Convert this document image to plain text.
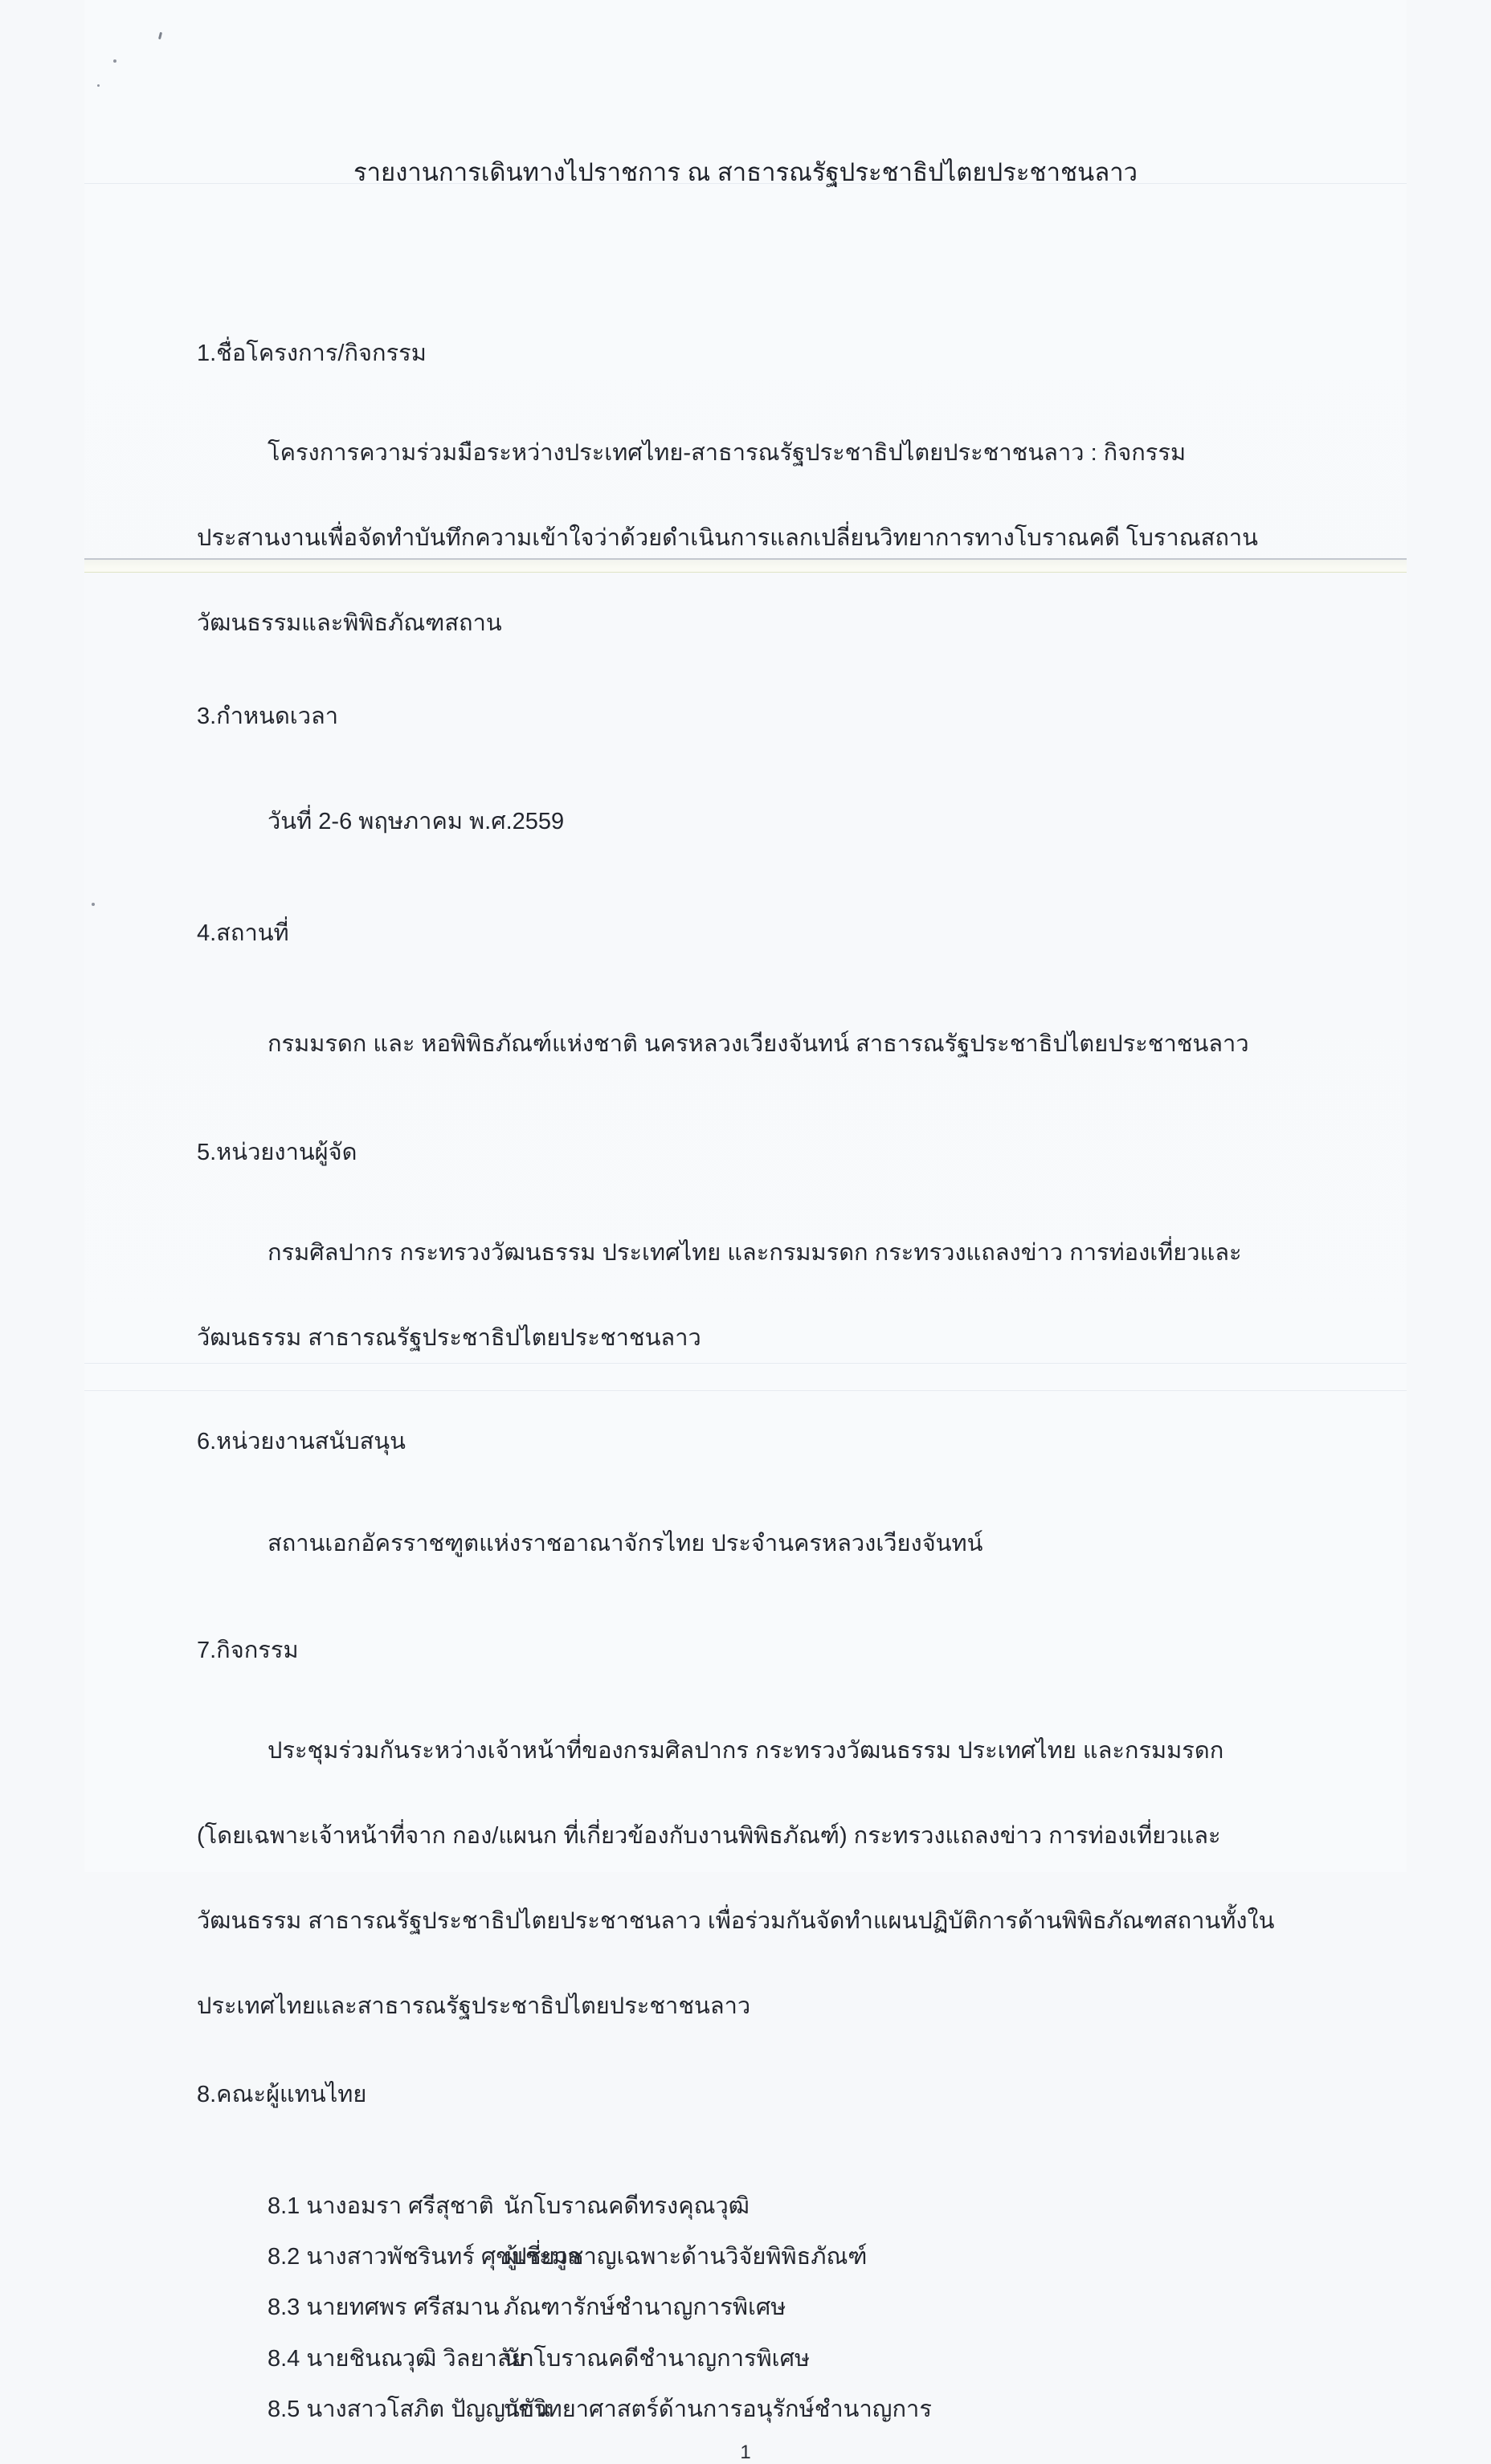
รายงานการเดินทางไปราชการ ณ สาธารณรัฐประชาธิปไตยประชาชนลาว
1.ชื่อโครงการ/กิจกรรม
โครงการความร่วมมือระหว่างประเทศไทย-สาธารณรัฐประชาธิปไตยประชาชนลาว : กิจกรรม
ประสานงานเพื่อจัดทำบันทึกความเข้าใจว่าด้วยดำเนินการแลกเปลี่ยนวิทยาการทางโบราณคดี โบราณสถาน
วัฒนธรรมและพิพิธภัณฑสถาน
3.กำหนดเวลา
วันที่ 2-6 พฤษภาคม พ.ศ.2559
4.สถานที่
กรมมรดก และ หอพิพิธภัณฑ์แห่งชาติ นครหลวงเวียงจันทน์ สาธารณรัฐประชาธิปไตยประชาชนลาว
5.หน่วยงานผู้จัด
กรมศิลปากร กระทรวงวัฒนธรรม ประเทศไทย และกรมมรดก กระทรวงแถลงข่าว การท่องเที่ยวและ
วัฒนธรรม สาธารณรัฐประชาธิปไตยประชาชนลาว
6.หน่วยงานสนับสนุน
สถานเอกอัครราชฑูตแห่งราชอาณาจักรไทย ประจำนครหลวงเวียงจันทน์
7.กิจกรรม
ประชุมร่วมกันระหว่างเจ้าหน้าที่ของกรมศิลปากร กระทรวงวัฒนธรรม ประเทศไทย และกรมมรดก
(โดยเฉพาะเจ้าหน้าที่จาก กอง/แผนก ที่เกี่ยวข้องกับงานพิพิธภัณฑ์) กระทรวงแถลงข่าว การท่องเที่ยวและ
วัฒนธรรม สาธารณรัฐประชาธิปไตยประชาชนลาว เพื่อร่วมกันจัดทำแผนปฏิบัติการด้านพิพิธภัณฑสถานทั้งใน
ประเทศไทยและสาธารณรัฐประชาธิปไตยประชาชนลาว
8.คณะผู้แทนไทย
8.1 นางอมรา ศรีสุชาติ นักโบราณคดีทรงคุณวุฒิ
8.2 นางสาวพัชรินทร์ ศุขประมูล
ผู้เชี่ยวชาญเฉพาะด้านวิจัยพิพิธภัณฑ์
8.3 นายทศพร ศรีสมาน ภัณฑารักษ์ชำนาญการพิเศษ
8.4 นายชินณวุฒิ วิลยาลัย
นักโบราณคดีชำนาญการพิเศษ
8.5 นางสาวโสภิต ปัญญาขัน
นักวิทยาศาสตร์ด้านการอนุรักษ์ชำนาญการ
1
